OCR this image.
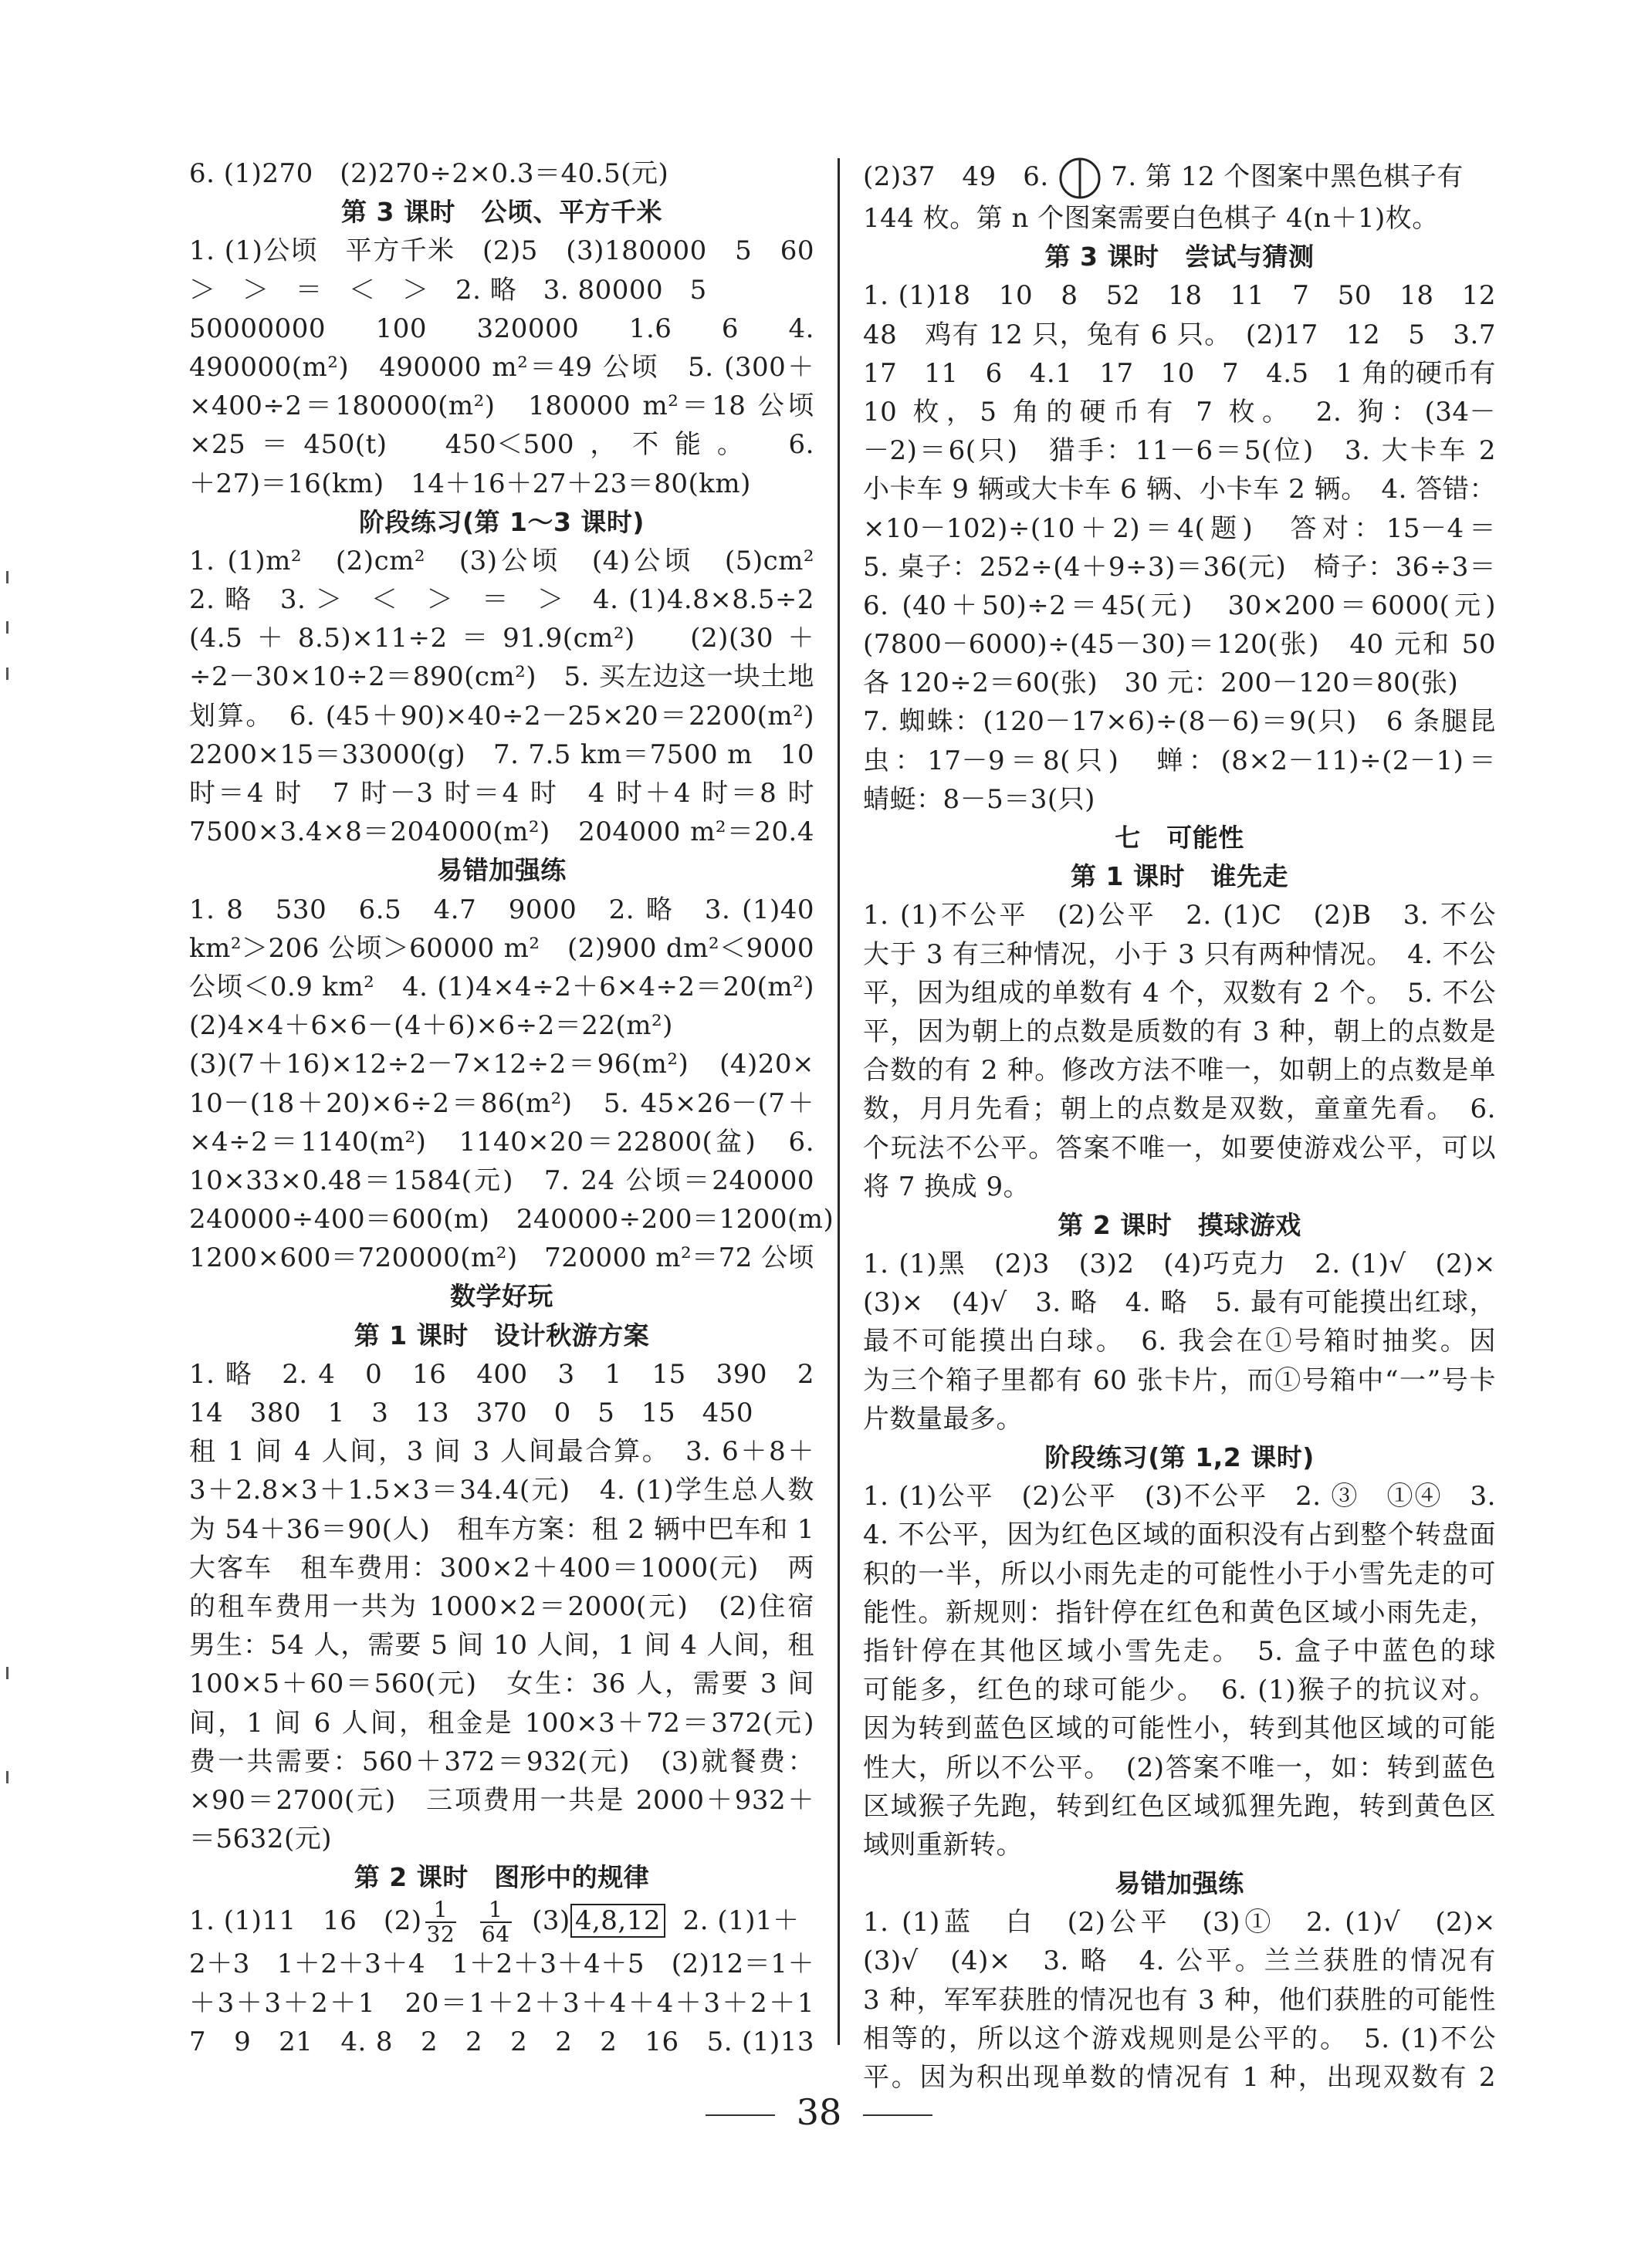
6. (1)270　(2)270÷2×0.3＝40.5(元)
第 3 课时　公顷、平方千米
1. (1)公顷　平方千米　(2)5　(3)180000　5　60
＞　＞　＝　＜　＞　2. 略　3. 80000　5
50000000　100　320000　1.6　6　4.
490000(m²)　490000 m²＝49 公顷　5. (300＋
×400÷2＝180000(m²)　180000 m²＝18 公顷　
×25＝450(t)　450＜500，不能。　6.
＋27)＝16(km)　14＋16＋27＋23＝80(km)
阶段练习(第 1～3 课时)
1. (1)m²　(2)cm²　(3)公顷　(4)公顷　(5)cm²
2. 略　3. ＞　＜　＞　＝　＞　4. (1)4.8×8.5÷2
(4.5＋8.5)×11÷2＝91.9(cm²)　(2)(30＋
÷2－30×10÷2＝890(cm²)　5. 买左边这一块土地
划算。　6. (45＋90)×40÷2－25×20＝2200(m²)
2200×15＝33000(g)　7. 7.5 km＝7500 m　10
时＝4 时　7 时－3 时＝4 时　4 时＋4 时＝8 时
7500×3.4×8＝204000(m²)　204000 m²＝20.4
易错加强练
1. 8　530　6.5　4.7　9000　2. 略　3. (1)40
km²＞206 公顷＞60000 m²　(2)900 dm²＜9000
公顷＜0.9 km²　4. (1)4×4÷2＋6×4÷2＝20(m²)
(2)4×4＋6×6－(4＋6)×6÷2＝22(m²)
(3)(7＋16)×12÷2－7×12÷2＝96(m²)　(4)20×
10－(18＋20)×6÷2＝86(m²)　5. 45×26－(7＋
×4÷2＝1140(m²)　1140×20＝22800(盆)　6.
10×33×0.48＝1584(元)　7. 24 公顷＝240000
240000÷400＝600(m)　240000÷200＝1200(m)
1200×600＝720000(m²)　720000 m²＝72 公顷
数学好玩
第 1 课时　设计秋游方案
1. 略　2. 4　0　16　400　3　1　15　390　2　
14　380　1　3　13　370　0　5　15　450
租 1 间 4 人间，3 间 3 人间最合算。　3. 6＋8＋
3＋2.8×3＋1.5×3＝34.4(元)　4. (1)学生总人数
为 54＋36＝90(人)　租车方案：租 2 辆中巴车和 1
大客车　租车费用：300×2＋400＝1000(元)　两
的租车费用一共为 1000×2＝2000(元)　(2)住宿
男生：54 人，需要 5 间 10 人间，1 间 4 人间，租
100×5＋60＝560(元)　女生：36 人，需要 3 间
间，1 间 6 人间，租金是 100×3＋72＝372(元)　
费一共需要：560＋372＝932(元)　(3)就餐费：
×90＝2700(元)　三项费用一共是 2000＋932＋
＝5632(元)
第 2 课时　图形中的规律
1. (1)11　16　$(2) \frac{1}{32}$
$\frac{1}{64} (3)$ 4,8,12 2. (1)1＋
2＋3　1＋2＋3＋4　1＋2＋3＋4＋5　(2)12＝1＋
＋3＋3＋2＋1　20＝1＋2＋3＋4＋4＋3＋2＋1　
7　9　21　4. 8　2　2　2　2　2　16　5. (1)13　
(2)37　49　6. 7. 第 12 个图案中黑色棋子有
144 枚。第 n 个图案需要白色棋子 4(n＋1)枚。
第 3 课时　尝试与猜测
1. (1)18　10　8　52　18　11　7　50　18　12　
48　鸡有 12 只，兔有 6 只。　(2)17　12　5　3.7
17　11　6　4.1　17　10　7　4.5　1 角的硬币有
10 枚，5 角的硬币有 7 枚。　2. 狗：(34－
－2)＝6(只)　猎手：11－6＝5(位)　3. 大卡车 2
小卡车 9 辆或大卡车 6 辆、小卡车 2 辆。　4. 答错：
×10－102)÷(10＋2)＝4(题)　答对：15－4＝
5. 桌子：252÷(4＋9÷3)＝36(元)　椅子：36÷3＝
6. (40＋50)÷2＝45(元)　30×200＝6000(元)
(7800－6000)÷(45－30)＝120(张)　40 元和 50
各 120÷2＝60(张)　30 元：200－120＝80(张)
7. 蜘蛛：(120－17×6)÷(8－6)＝9(只)　6 条腿昆
虫：17－9＝8(只)　蝉：(8×2－11)÷(2－1)＝
蜻蜓：8－5＝3(只)
七　可能性
第 1 课时　谁先走
1. (1)不公平　(2)公平　2. (1)C　(2)B　3. 不公
大于 3 有三种情况，小于 3 只有两种情况。　4. 不公
平，因为组成的单数有 4 个，双数有 2 个。　5. 不公
平，因为朝上的点数是质数的有 3 种，朝上的点数是
合数的有 2 种。修改方法不唯一，如朝上的点数是单
数，月月先看；朝上的点数是双数，童童先看。　6.
个玩法不公平。答案不唯一，如要使游戏公平，可以
将 7 换成 9。
第 2 课时　摸球游戏
1. (1)黑　(2)3　(3)2　(4)巧克力　2. (1)√　(2)×
(3)×　(4)√　3. 略　4. 略　5. 最有可能摸出红球，
最不可能摸出白球。　6. 我会在①号箱时抽奖。因
为三个箱子里都有 60 张卡片，而①号箱中“一”号卡
片数量最多。
阶段练习(第 1,2 课时)
1. (1)公平　(2)公平　(3)不公平　2. ③　①④　3.
4. 不公平，因为红色区域的面积没有占到整个转盘面
积的一半，所以小雨先走的可能性小于小雪先走的可
能性。新规则：指针停在红色和黄色区域小雨先走，
指针停在其他区域小雪先走。　5. 盒子中蓝色的球
可能多，红色的球可能少。　6. (1)猴子的抗议对。
因为转到蓝色区域的可能性小，转到其他区域的可能
性大，所以不公平。　(2)答案不唯一，如：转到蓝色
区域猴子先跑，转到红色区域狐狸先跑，转到黄色区
域则重新转。
易错加强练
1. (1)蓝　白　(2)公平　(3)①　2. (1)√　(2)×
(3)√　(4)×　3. 略　4. 公平。兰兰获胜的情况有
3 种，军军获胜的情况也有 3 种，他们获胜的可能性
相等的，所以这个游戏规则是公平的。　5. (1)不公
平。因为积出现单数的情况有 1 种，出现双数有 2
38
